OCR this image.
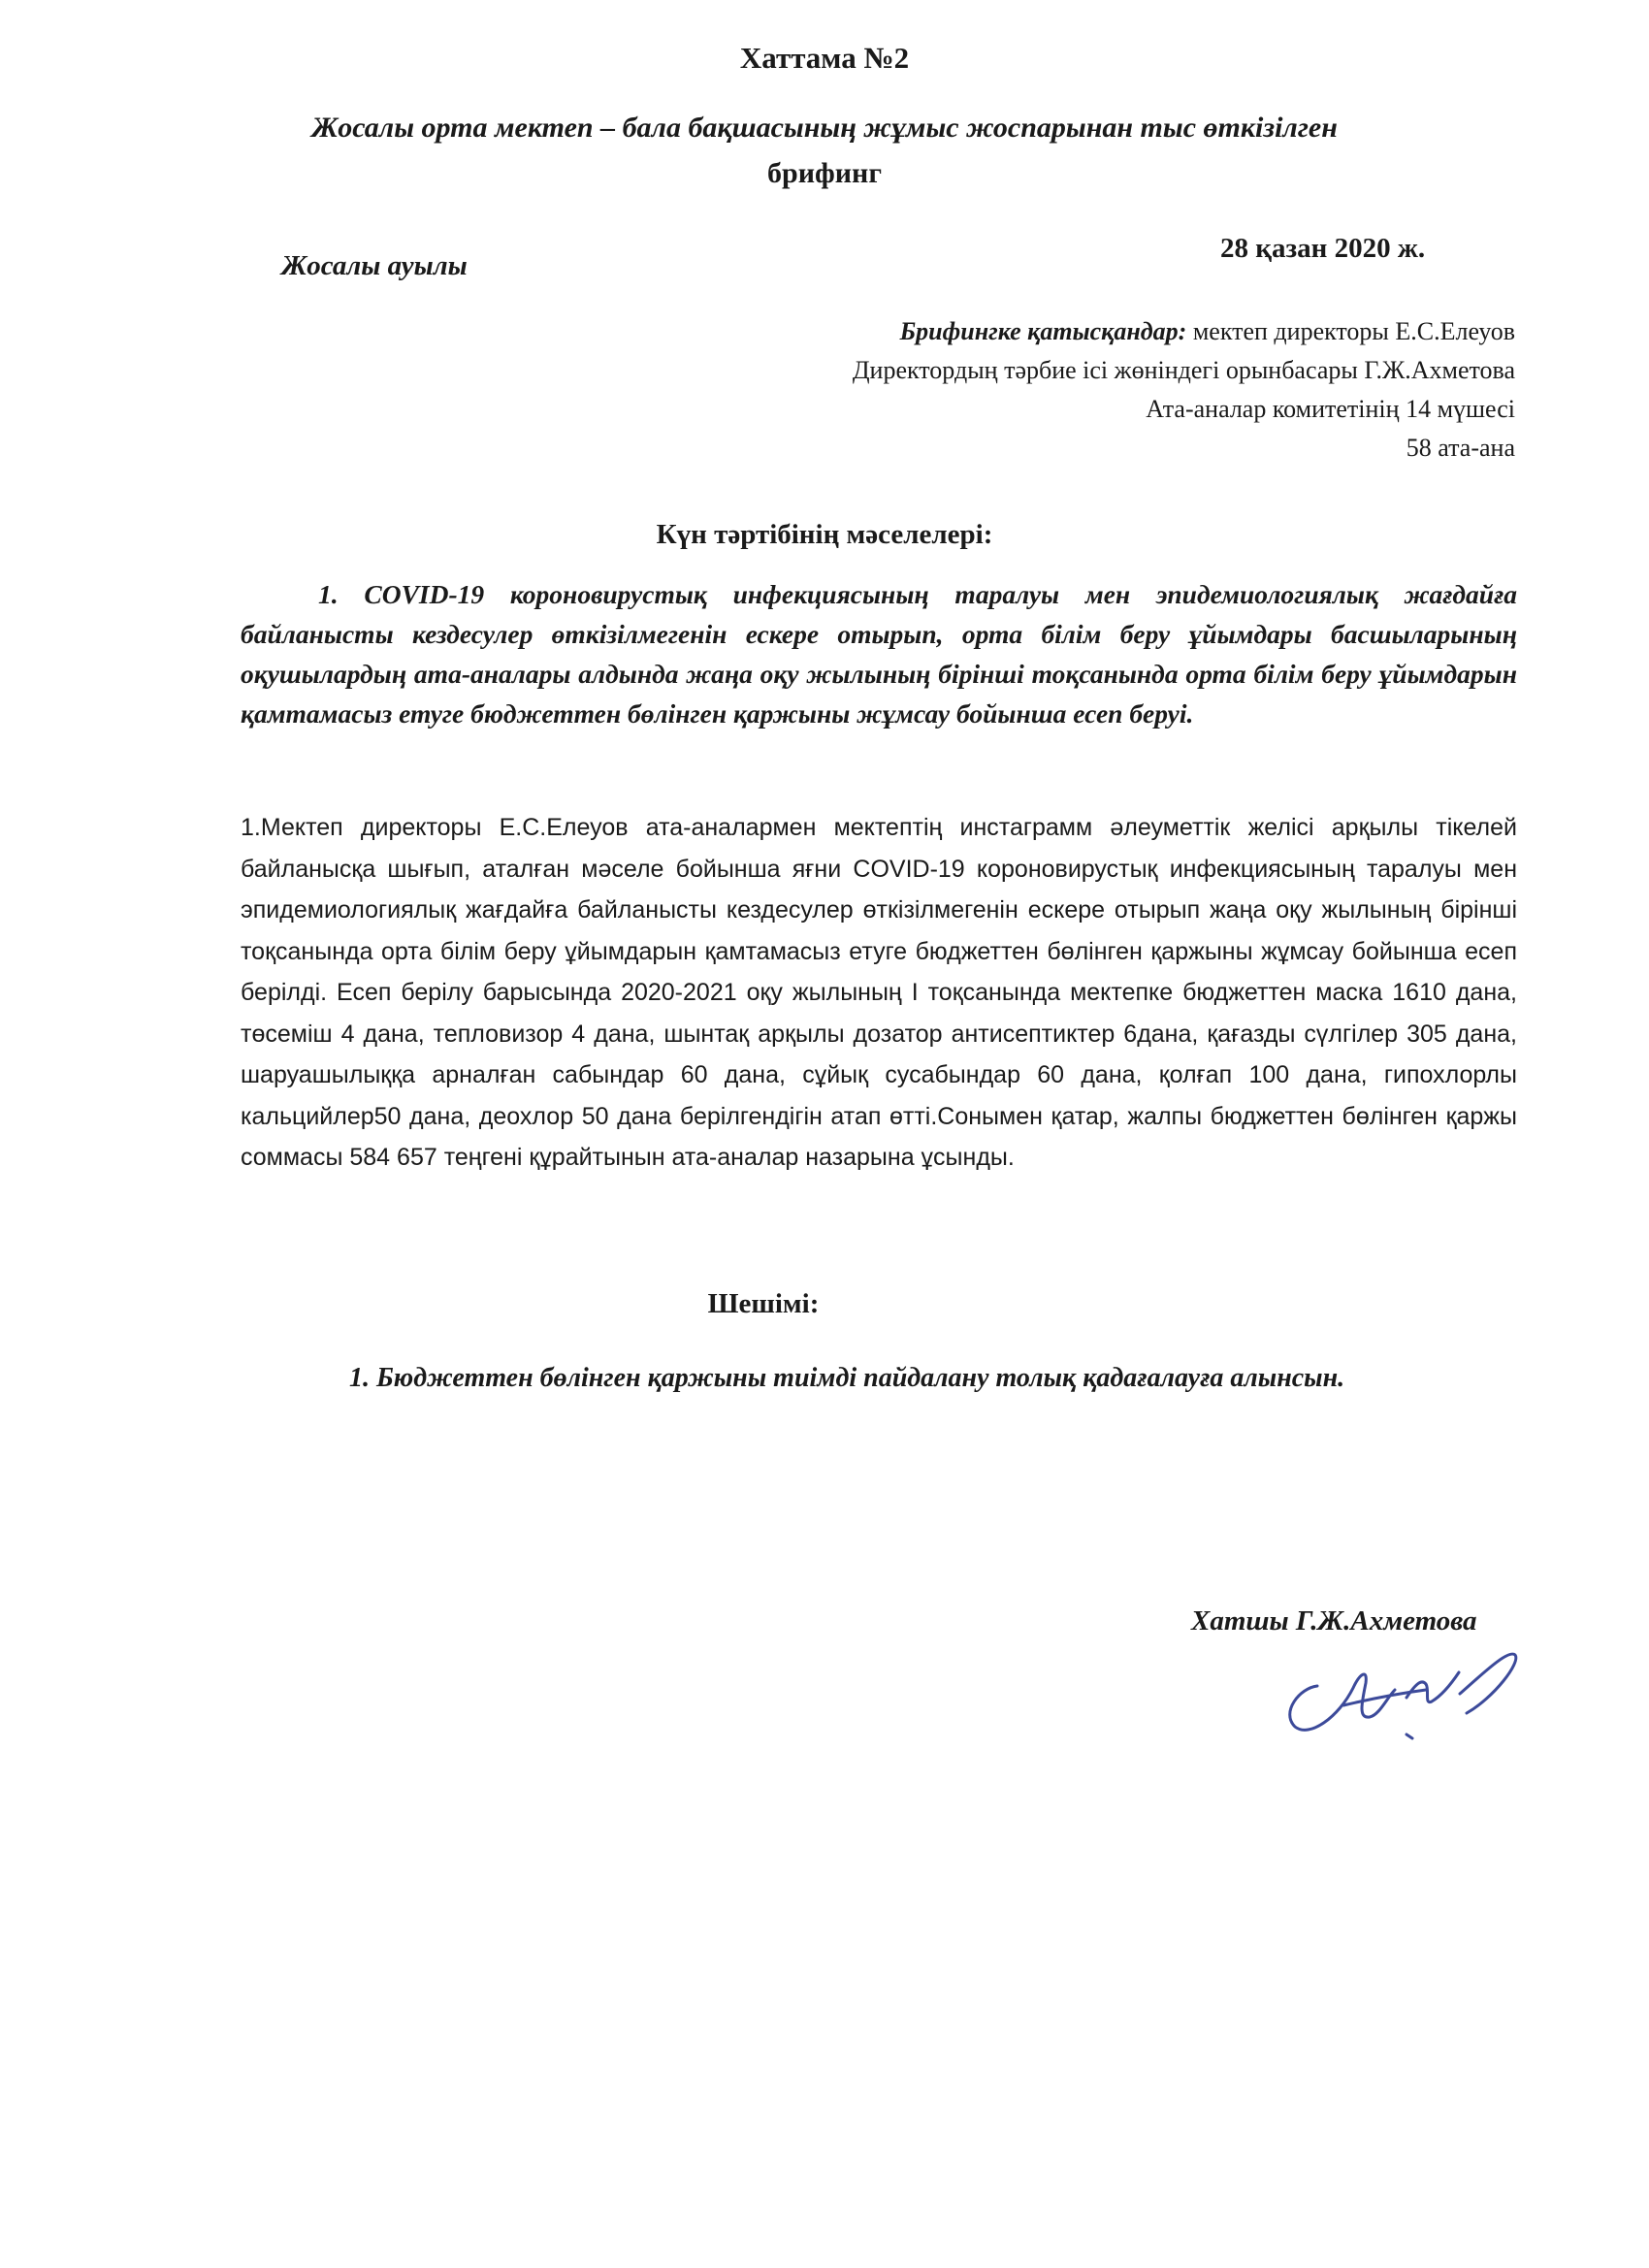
Хаттама №2
Жосалы орта мектеп – бала бақшасының жұмыс жоспарынан тыс өткізілген
брифинг
Жосалы ауылы
28 қазан 2020 ж.
Брифингке қатысқандар: мектеп директоры Е.С.Елеуов
Директордың тәрбие ісі жөніндегі орынбасары Г.Ж.Ахметова
Ата-аналар комитетінің 14 мүшесі
58 ата-ана
Күн тәртібінің мәселелері:

1. COVID-19 короновирустық инфекциясының таралуы мен эпидемиологиялық жағдайға байланысты кездесулер өткізілмегенін ескере отырып, орта білім беру ұйымдары басшыларының оқушылардың ата-аналары алдында жаңа оқу жылының бірінші тоқсанында орта білім беру ұйымдарын қамтамасыз етуге бюджеттен бөлінген қаржыны жұмсау бойынша есеп беруі.

1.Мектеп директоры Е.С.Елеуов ата-аналармен мектептің инстаграмм әлеуметтік желісі арқылы тікелей байланысқа шығып, аталған мәселе бойынша яғни COVID-19 короновирустық инфекциясының таралуы мен эпидемиологиялық жағдайға байланысты кездесулер өткізілмегенін ескере отырып жаңа оқу жылының бірінші тоқсанында орта білім беру ұйымдарын қамтамасыз етуге бюджеттен бөлінген қаржыны жұмсау бойынша есеп берілді. Есеп берілу барысында 2020-2021 оқу жылының І тоқсанында мектепке бюджеттен маска 1610 дана, төсеміш 4 дана, тепловизор 4 дана, шынтақ арқылы дозатор антисептиктер 6дана, қағазды сүлгілер 305 дана, шаруашылыққа арналған сабындар 60 дана, сұйық сусабындар 60 дана, қолғап 100 дана, гипохлорлы кальцийлер50 дана, деохлор 50 дана берілгендігін атап өтті.Сонымен қатар, жалпы бюджеттен бөлінген қаржы соммасы 584 657 теңгені құрайтынын ата-аналар назарына ұсынды.

Шешімі:

1. Бюджеттен бөлінген қаржыны тиімді пайдалану толық қадағалауға алынсын.

Хатшы Г.Ж.Ахметова
